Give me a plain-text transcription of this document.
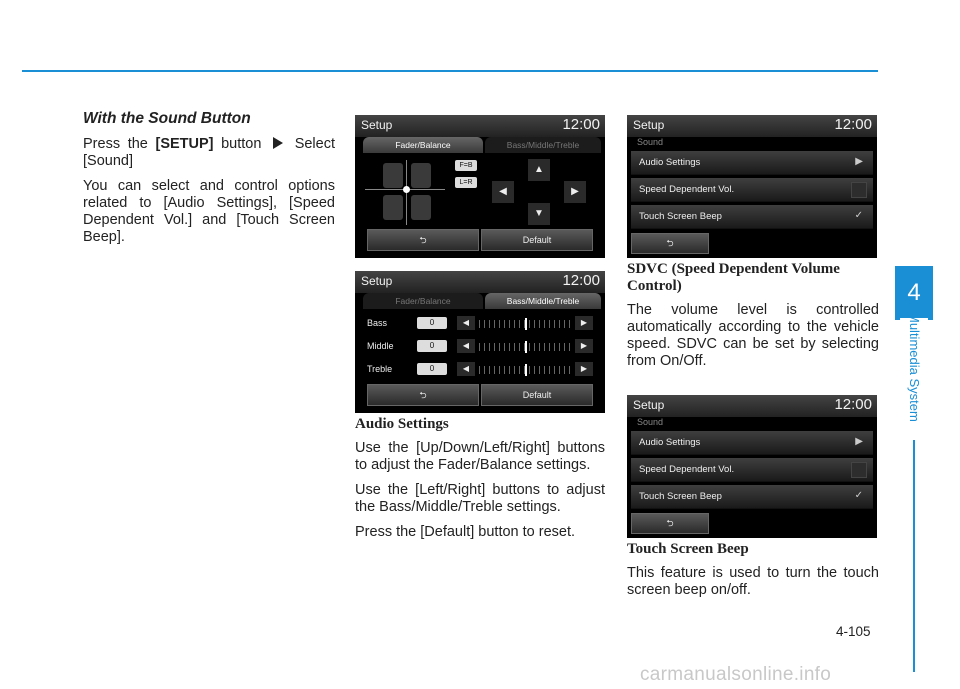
4
Multimedia System
With the Sound Button

Press the [SETUP] button  Select [Sound]

You can select and control options related to [Audio Settings], [Speed Dependent Vol.] and [Touch Screen Beep].

Setup	12:00
Fader/Balance	Bass/Middle/Treble
F=B
L=R
▲
◀	▶
▼
⮌	Default
Setup	12:00
Fader/Balance	Bass/Middle/Treble
Bass	0	◀	▶
Middle	0	◀	▶
Treble	0	◀	▶
⮌	Default
Audio Settings

Use the [Up/Down/Left/Right] buttons to adjust the Fader/Balance settings.

Use the [Left/Right] buttons to adjust the Bass/Middle/Treble settings.

Press the [Default] button to reset.

Setup	12:00
Sound
Audio Settings	▶
Speed Dependent Vol.
Touch Screen Beep	✓
⮌
SDVC (Speed Dependent Volume Control)

The volume level is controlled automatically according to the vehicle speed. SDVC can be set by selecting from On/Off.

Setup	12:00
Sound
Audio Settings	▶
Speed Dependent Vol.
Touch Screen Beep	✓
⮌
Touch Screen Beep

This feature is used to turn the touch screen beep on/off.

4-105
carmanualsonline.info
